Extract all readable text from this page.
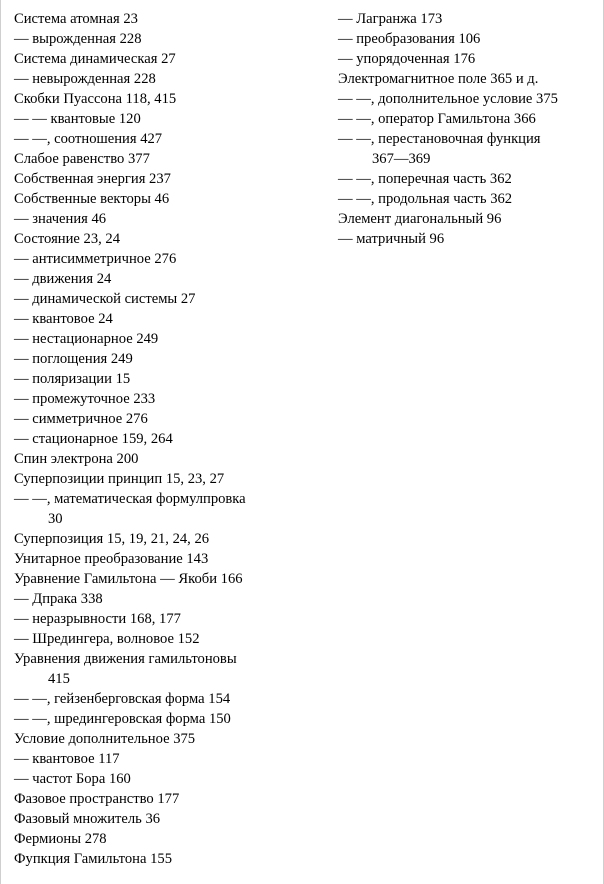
Система атомная 23
— вырожденная 228
Система динамическая 27
— невырожденная 228
Скобки Пуассона 118, 415
— — квантовые 120
— —, соотношения 427
Слабое равенство 377
Собственная энергия 237
Собственные векторы 46
— значения 46
Состояние 23, 24
— антисимметричное 276
— движения 24
— динамической системы 27
— квантовое 24
— нестационарное 249
— поглощения 249
— поляризации 15
— промежуточное 233
— симметричное 276
— стационарное 159, 264
Спин электрона 200
Суперпозиции принцип 15, 23, 27
— —, математическая формулпровка
30
Суперпозиция 15, 19, 21, 24, 26
Унитарное преобразование 143
Уравнение Гамильтона — Якоби 166
— Дпрака 338
— неразрывности 168, 177
— Шредингера, волновое 152
Уравнения движения гамильтоновы
415
— —, гейзенберговская форма 154
— —, шредингеровская форма 150
Условие дополнительное 375
— квантовое 117
— частот Бора 160
Фазовое пространство 177
Фазовый множитель 36
Фермионы 278
Фупкция Гамильтона 155
— Лагранжа 173
— преобразования 106
— упорядоченная 176
Электромагнитное поле 365 и д.
— —, дополнительное условие 375
— —, оператор Гамильтона 366
— —, перестановочная функция
367—369
— —, поперечная часть 362
— —, продольная часть 362
Элемент диагональный 96
— матричный 96
